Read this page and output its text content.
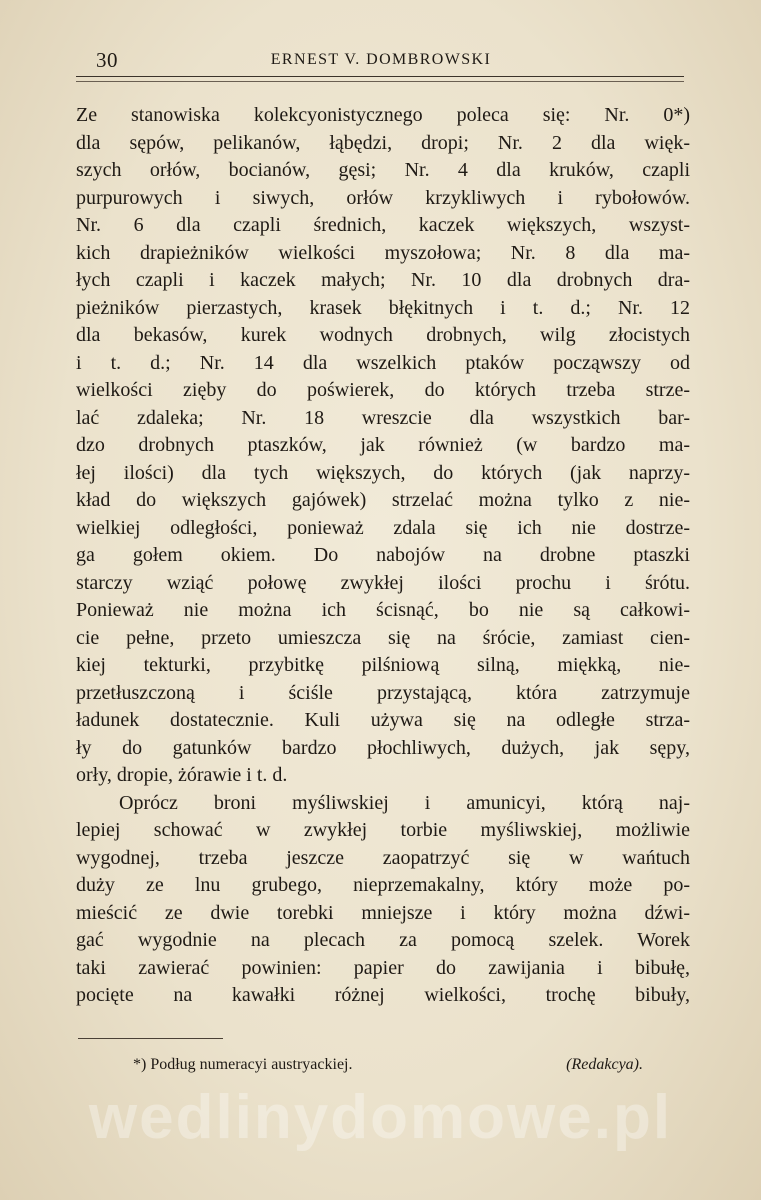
30	ERNEST V. DOMBROWSKI
Ze stanowiska kolekcyonistycznego poleca się: Nr. 0*)
dla sępów, pelikanów, łąbędzi, dropi; Nr. 2 dla więk-
szych orłów, bocianów, gęsi; Nr. 4 dla kruków, czapli
purpurowych i siwych, orłów krzykliwych i rybołowów.
Nr. 6 dla czapli średnich, kaczek większych, wszyst-
kich drapieżników wielkości myszołowa; Nr. 8 dla ma-
łych czapli i kaczek małych; Nr. 10 dla drobnych dra-
pieżników pierzastych, krasek błękitnych i t. d.; Nr. 12
dla bekasów, kurek wodnych drobnych, wilg złocistych
i t. d.; Nr. 14 dla wszelkich ptaków począwszy od
wielkości zięby do poświerek, do których trzeba strze-
lać zdaleka; Nr. 18 wreszcie dla wszystkich bar-
dzo drobnych ptaszków, jak również (w bardzo ma-
łej ilości) dla tych większych, do których (jak naprzy-
kład do większych gajówek) strzelać można tylko z nie-
wielkiej odległości, ponieważ zdala się ich nie dostrze-
ga gołem okiem. Do nabojów na drobne ptaszki
starczy wziąć połowę zwykłej ilości prochu i śrótu.
Ponieważ nie można ich ścisnąć, bo nie są całkowi-
cie pełne, przeto umieszcza się na śrócie, zamiast cien-
kiej tekturki, przybitkę pilśniową silną, miękką, nie-
przetłuszczoną i ściśle przystającą, która zatrzymuje
ładunek dostatecznie. Kuli używa się na odległe strza-
ły do gatunków bardzo płochliwych, dużych, jak sępy,
orły, dropie, żórawie i t. d.
Oprócz broni myśliwskiej i amunicyi, którą naj-
lepiej schować w zwykłej torbie myśliwskiej, możliwie
wygodnej, trzeba jeszcze zaopatrzyć się w wańtuch
duży ze lnu grubego, nieprzemakalny, który może po-
mieścić ze dwie torebki mniejsze i który można dźwi-
gać wygodnie na plecach za pomocą szelek. Worek
taki zawierać powinien: papier do zawijania i bibułę,
pocięte na kawałki różnej wielkości, trochę bibuły,
*) Podług numeracyi austryackiej.	(Redakcya).
wedlinydomowe.pl
